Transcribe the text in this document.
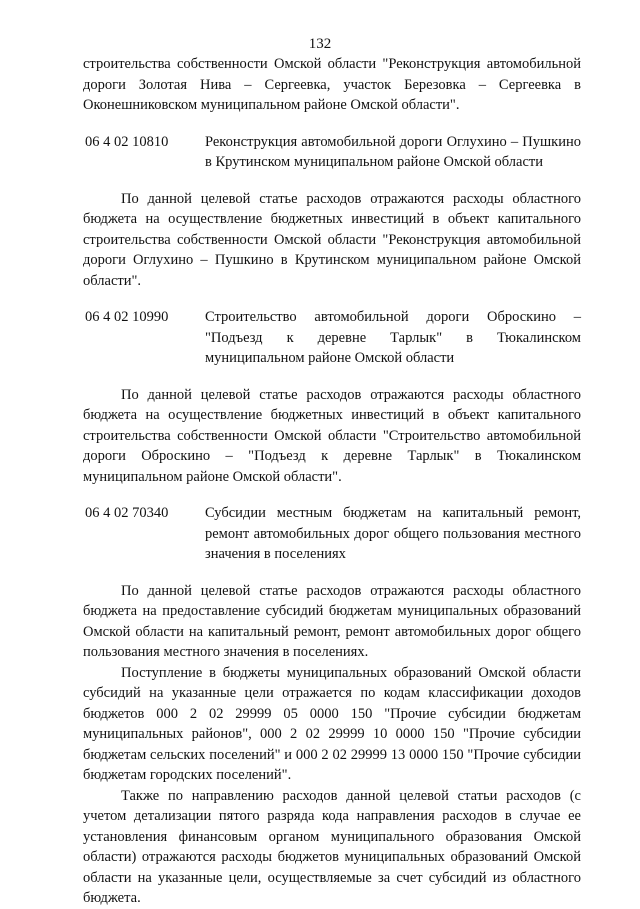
132

строительства собственности Омской области "Реконструкция автомобильной дороги Золотая Нива – Сергеевка, участок Березовка – Сергеевка в Оконешниковском муниципальном районе Омской области".

06 4 02 10810	Реконструкция автомобильной дороги Оглухино – Пушкино в Крутинском муниципальном районе Омской области

По данной целевой статье расходов отражаются расходы областного бюджета на осуществление бюджетных инвестиций в объект капитального строительства собственности Омской области "Реконструкция автомобильной дороги Оглухино – Пушкино в Крутинском муниципальном районе Омской области".

06 4 02 10990	Строительство автомобильной дороги Оброскино – "Подъезд к деревне Тарлык" в Тюкалинском муниципальном районе Омской области

По данной целевой статье расходов отражаются расходы областного бюджета на осуществление бюджетных инвестиций в объект капитального строительства собственности Омской области "Строительство автомобильной дороги Оброскино – "Подъезд к деревне Тарлык" в Тюкалинском муниципальном районе Омской области".

06 4 02 70340	Субсидии местным бюджетам на капитальный ремонт, ремонт автомобильных дорог общего пользования местного значения в поселениях

По данной целевой статье расходов отражаются расходы областного бюджета на предоставление субсидий бюджетам муниципальных образований Омской области на капитальный ремонт, ремонт автомобильных дорог общего пользования местного значения в поселениях.

Поступление в бюджеты муниципальных образований Омской области субсидий на указанные цели отражается по кодам классификации доходов бюджетов 000 2 02 29999 05 0000 150 "Прочие субсидии бюджетам муниципальных районов", 000 2 02 29999 10 0000 150 "Прочие субсидии бюджетам сельских поселений" и 000 2 02 29999 13 0000 150 "Прочие субсидии бюджетам городских поселений".

Также по направлению расходов данной целевой статьи расходов (с учетом детализации пятого разряда кода направления расходов в случае ее установления финансовым органом муниципального образования Омской области) отражаются расходы бюджетов муниципальных образований Омской области на указанные цели, осуществляемые за счет субсидий из областного бюджета.
